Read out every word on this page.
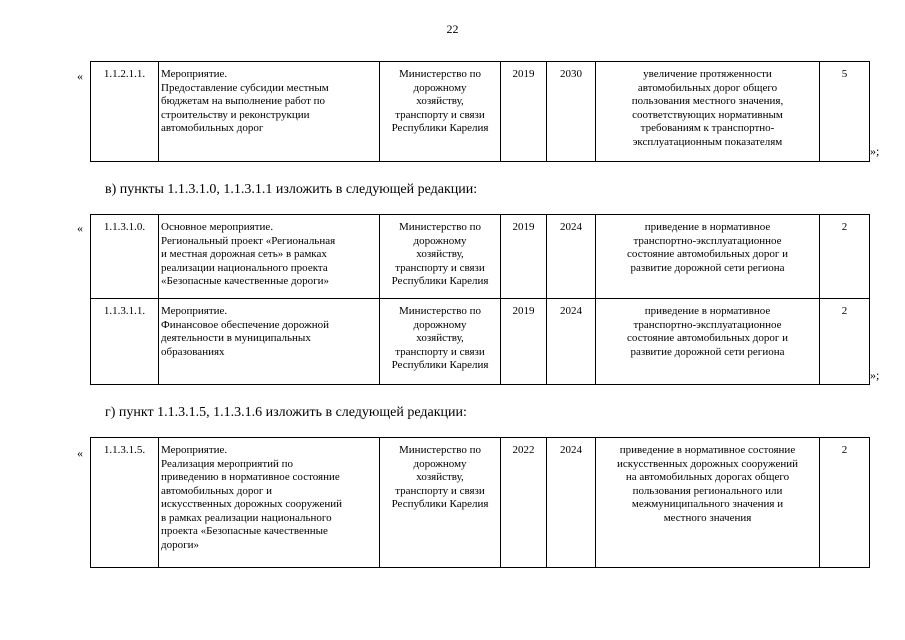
22
« 1.1.2.1.1.	Мероприятие.
Предоставление субсидии местным
бюджетам на выполнение работ по
строительству и реконструкции
автомобильных дорог

Министерство по
дорожному
хозяйству,
транспорту и связи
Республики Карелия
	2019	2030	увеличение протяженности
автомобильных дорог общего
пользования местного значения,
соответствующих нормативным
требованиям к транспортно-
эксплуатационным показателям
	5
»;
в) пункты 1.1.3.1.0, 1.1.3.1.1 изложить в следующей редакции:
« 1.1.3.1.0.	Основное мероприятие.
Региональный проект «Региональная
и местная дорожная сеть» в рамках
реализации национального проекта
«Безопасные качественные дороги»	Министерство по
дорожному
хозяйству,
транспорту и связи
Республики Карелия	2019	2024	приведение в нормативное
транспортно-эксплуатационное
состояние автомобильных дорог и
развитие дорожной сети региона	2
1.1.3.1.1.	Мероприятие.
Финансовое обеспечение дорожной
деятельности в муниципальных
образованиях	Министерство по
дорожному
хозяйству,
транспорту и связи
Республики Карелия	2019	2024	приведение в нормативное
транспортно-эксплуатационное
состояние автомобильных дорог и
развитие дорожной сети региона	2
»;
г) пункт 1.1.3.1.5, 1.1.3.1.6 изложить в следующей редакции:
« 1.1.3.1.5.	Мероприятие.
Реализация мероприятий по
приведению в нормативное состояние
автомобильных дорог и
искусственных дорожных сооружений
в рамках реализации национального
проекта «Безопасные качественные
дороги»

Министерство по
дорожному
хозяйству,
транспорту и связи
Республики Карелия
	2022	2024	приведение в нормативное состояние
искусственных дорожных сооружений
на автомобильных дорогах общего
пользования регионального или
межмуниципального значения и
местного значения
	2
